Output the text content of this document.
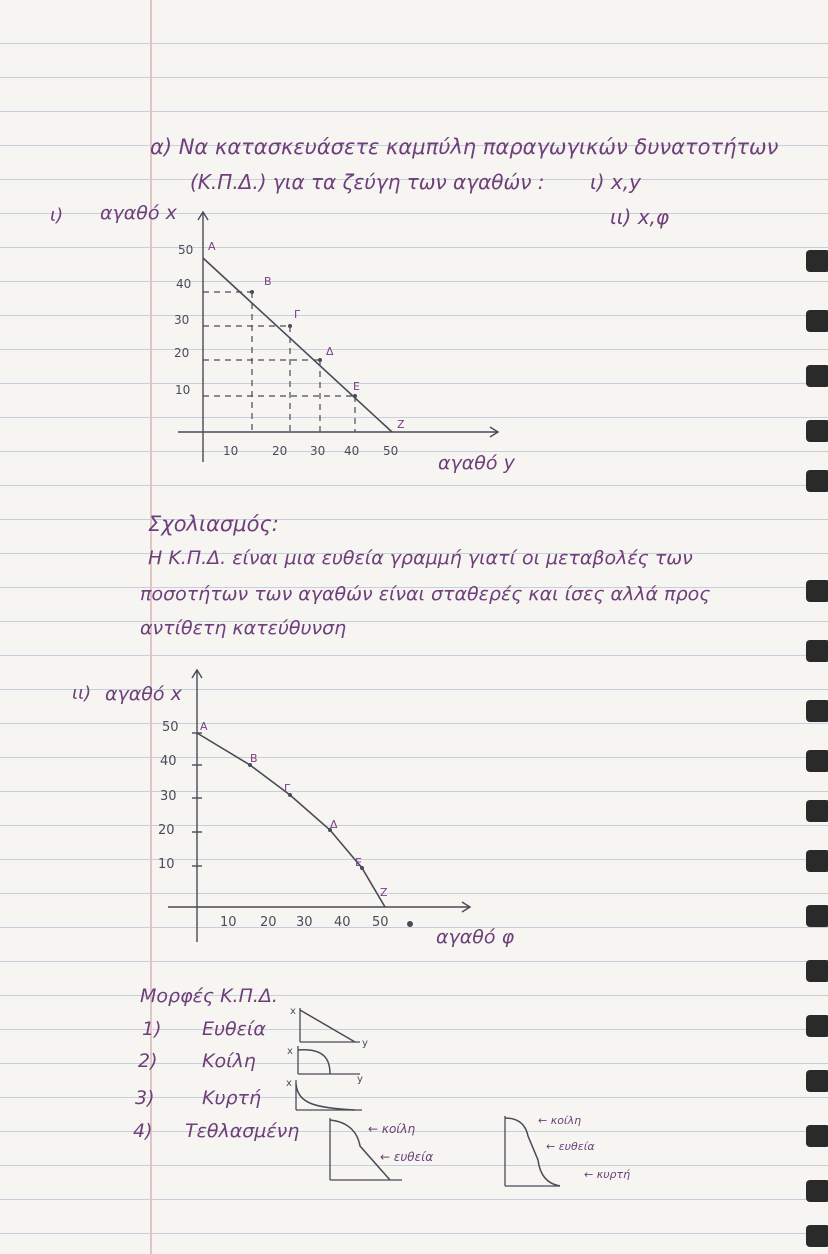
α) Να κατασκευάσετε καμπύλη παραγωγικών δυνατοτήτων
(Κ.Π.Δ.) για τα ζεύγη των αγαθών : ι) x,y
ιι) x,φ
ι) αγαθό x
αγαθό y
Σχολιασμός:
Η Κ.Π.Δ. είναι μια ευθεία γραμμή γιατί οι μεταβολές των
ποσοτήτων των αγαθών είναι σταθερές και ίσες αλλά προς
αντίθετη κατεύθυνση
ιι) αγαθό x
αγαθό φ
Μορφές Κ.Π.Δ.
1) Ευθεία
2) Κοίλη
3) Κυρτή
4) Τεθλασμένη	← κοίλη
← ευθεία
← κοίλη
← ευθεία
← κυρτή
50
40
30
20
10
10	20 30 40 50
A
B
Γ
Δ
Ε
Ζ
50
40
30
20
10
10 20 30 40 50
A
B
Γ
Δ
Ε
Ζ
x
y
x
y
x
